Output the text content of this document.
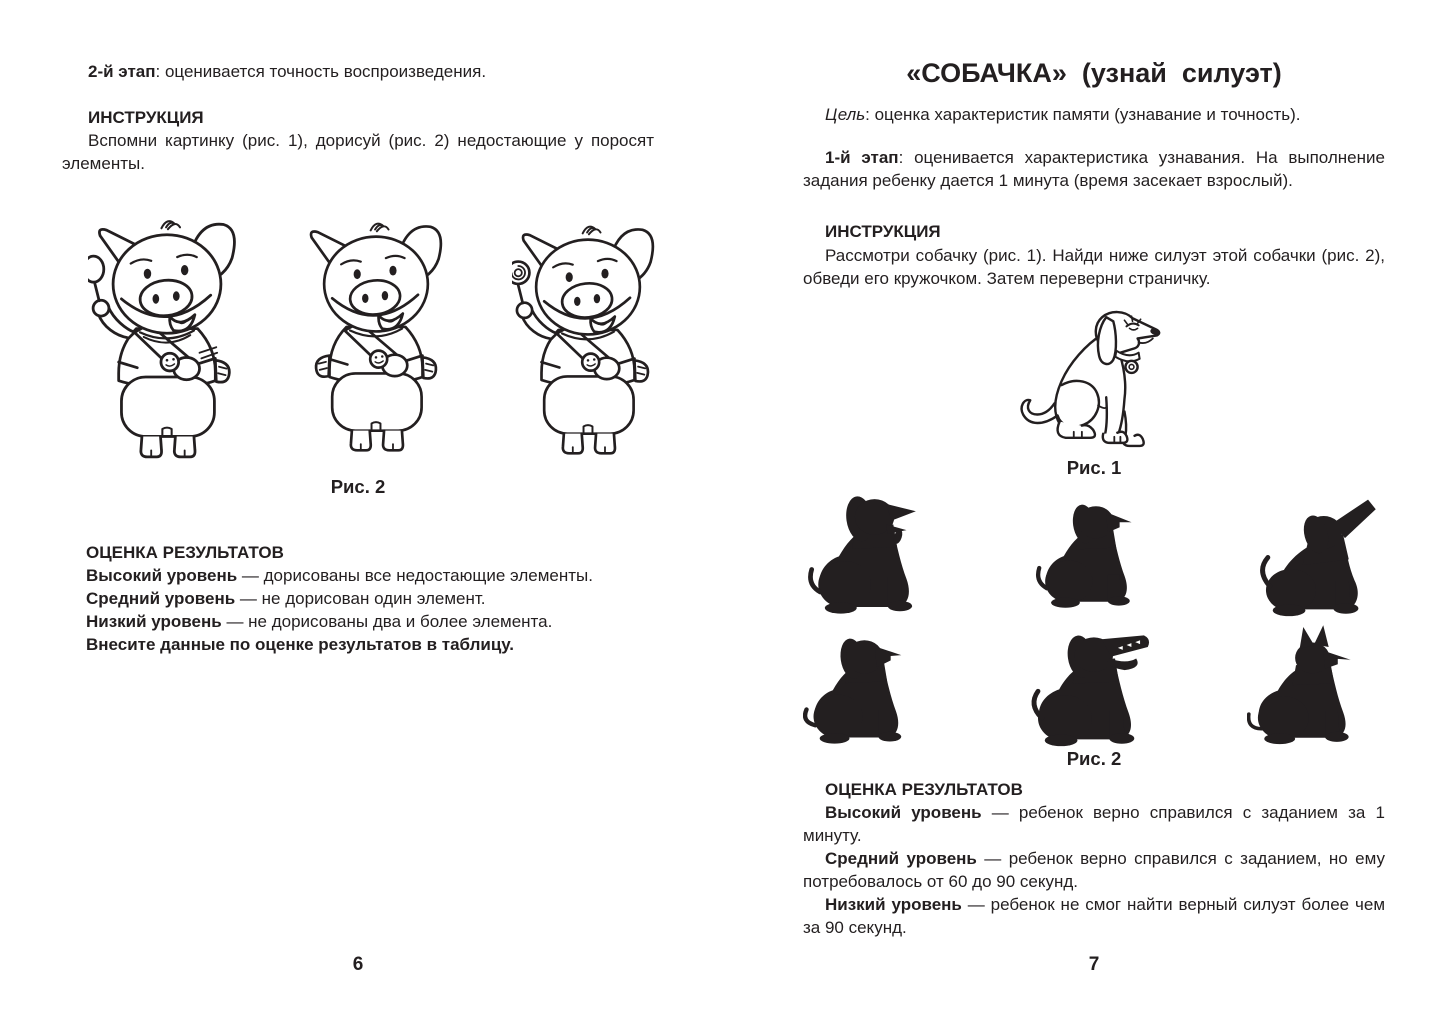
2-й этап: оценивается точность воспроизведения.

ИНСТРУКЦИЯ

Вспомни картинку (рис. 1), дорисуй (рис. 2) недостающие у поросят элементы.

Рис. 2

ОЦЕНКА РЕЗУЛЬТАТОВ

Высокий уровень — дорисованы все недостающие элементы.

Средний уровень — не дорисован один элемент.

Низкий уровень — не дорисованы два и более элемента.

Внесите данные по оценке результатов в таблицу.

6
«СОБАЧКА»  (узнай  силуэт)

Цель: оценка характеристик памяти (узнавание и точность).

1-й этап: оценивается характеристика узнавания. На выполнение задания ребенку дается 1 минута (время засекает взрослый).

ИНСТРУКЦИЯ

Рассмотри собачку (рис. 1). Найди ниже силуэт этой собачки (рис. 2), обведи его кружочком. Затем переверни страничку.

Рис. 1

Рис. 2

ОЦЕНКА РЕЗУЛЬТАТОВ

Высокий уровень — ребенок верно справился с заданием за 1 минуту.

Средний уровень — ребенок верно справился с заданием, но ему потребовалось от 60 до 90 секунд.

Низкий уровень — ребенок не смог найти верный силуэт более чем за 90 секунд.

7
